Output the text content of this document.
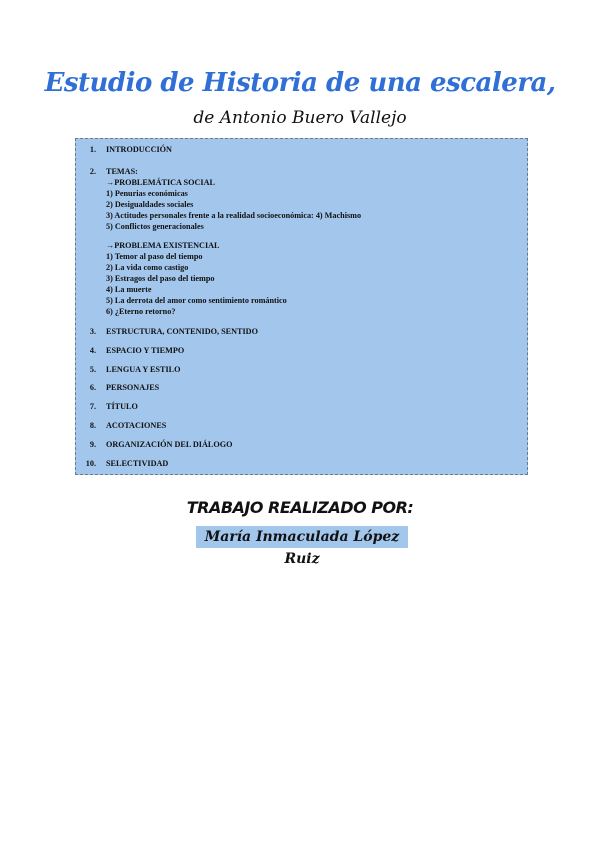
Estudio de Historia de una escalera,
de Antonio Buero Vallejo
1. INTRODUCCIÓN
2. TEMAS:
→PROBLEMÁTICA SOCIAL
1) Penurias económicas
2) Desigualdades sociales
3) Actitudes personales frente a la realidad socioeconómica: 4) Machismo
5) Conflictos generacionales
→PROBLEMA EXISTENCIAL
1) Temor al paso del tiempo
2) La vida como castigo
3) Estragos del paso del tiempo
4) La muerte
5) La derrota del amor como sentimiento romántico
6) ¿Eterno retorno?
3. ESTRUCTURA, CONTENIDO, SENTIDO
4. ESPACIO Y TIEMPO
5. LENGUA Y ESTILO
6. PERSONAJES
7. TÍTULO
8. ACOTACIONES
9. ORGANIZACIÓN DEL DIÁLOGO
10. SELECTIVIDAD
TRABAJO REALIZADO POR:
María Inmaculada López Ruiz
